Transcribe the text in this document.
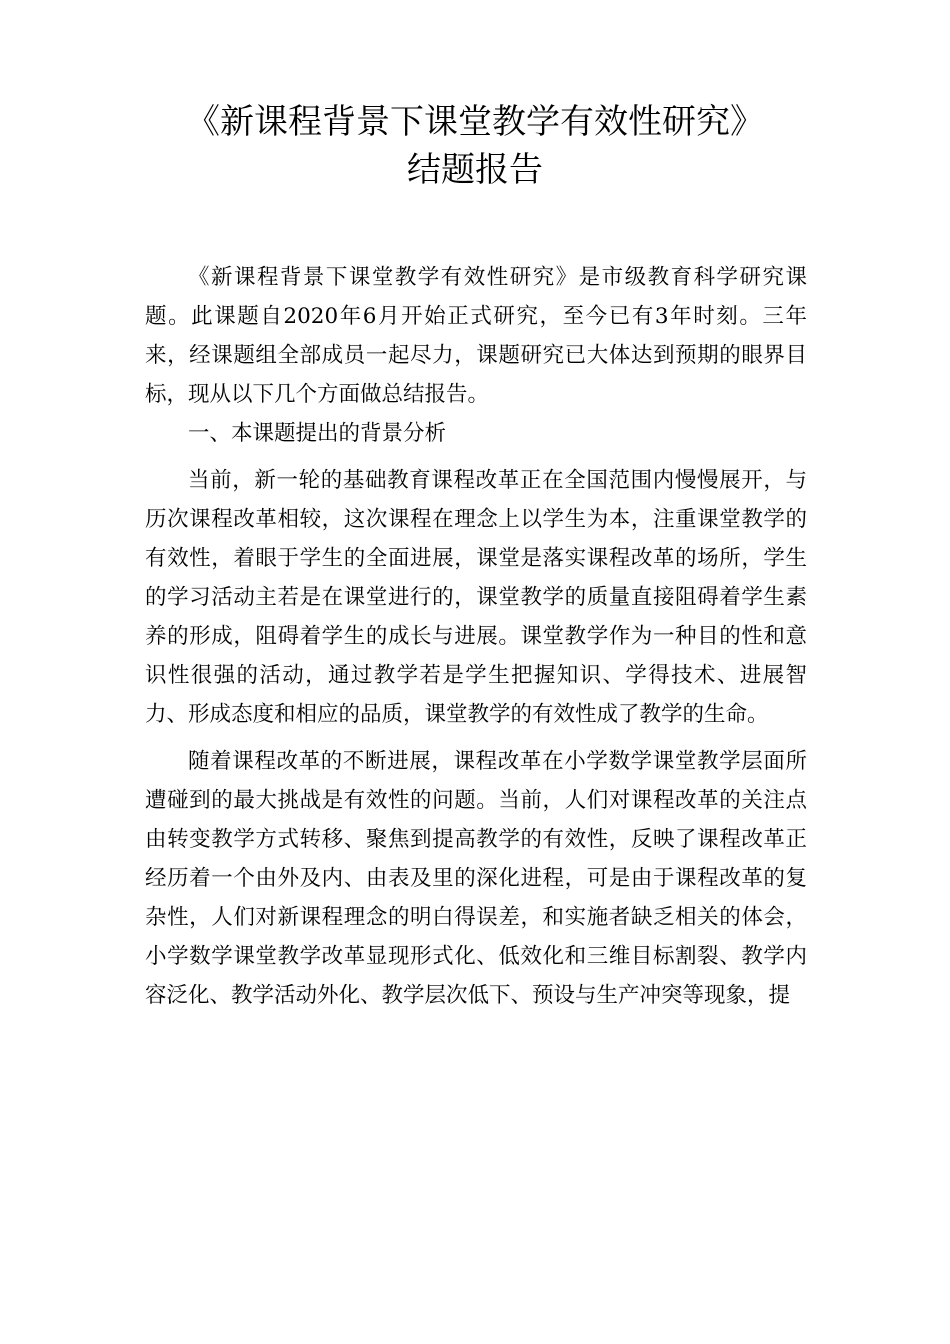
《新课程背景下课堂教学有效性研究》
结题报告

《新课程背景下课堂教学有效性研究》是市级教育科学研究课题。此课题自2020年6月开始正式研究，至今已有3年时刻。三年来，经课题组全部成员一起尽力，课题研究已大体达到预期的眼界目标，现从以下几个方面做总结报告。

一、本课题提出的背景分析

当前，新一轮的基础教育课程改革正在全国范围内慢慢展开，与历次课程改革相较，这次课程在理念上以学生为本，注重课堂教学的有效性，着眼于学生的全面进展，课堂是落实课程改革的场所，学生的学习活动主若是在课堂进行的，课堂教学的质量直接阻碍着学生素养的形成，阻碍着学生的成长与进展。课堂教学作为一种目的性和意识性很强的活动，通过教学若是学生把握知识、学得技术、进展智力、形成态度和相应的品质，课堂教学的有效性成了教学的生命。

随着课程改革的不断进展，课程改革在小学数学课堂教学层面所遭碰到的最大挑战是有效性的问题。当前，人们对课程改革的关注点由转变教学方式转移、聚焦到提高教学的有效性，反映了课程改革正经历着一个由外及内、由表及里的深化进程，可是由于课程改革的复杂性，人们对新课程理念的明白得误差，和实施者缺乏相关的体会，小学数学课堂教学改革显现形式化、低效化和三维目标割裂、教学内容泛化、教学活动外化、教学层次低下、预设与生产冲突等现象，提
